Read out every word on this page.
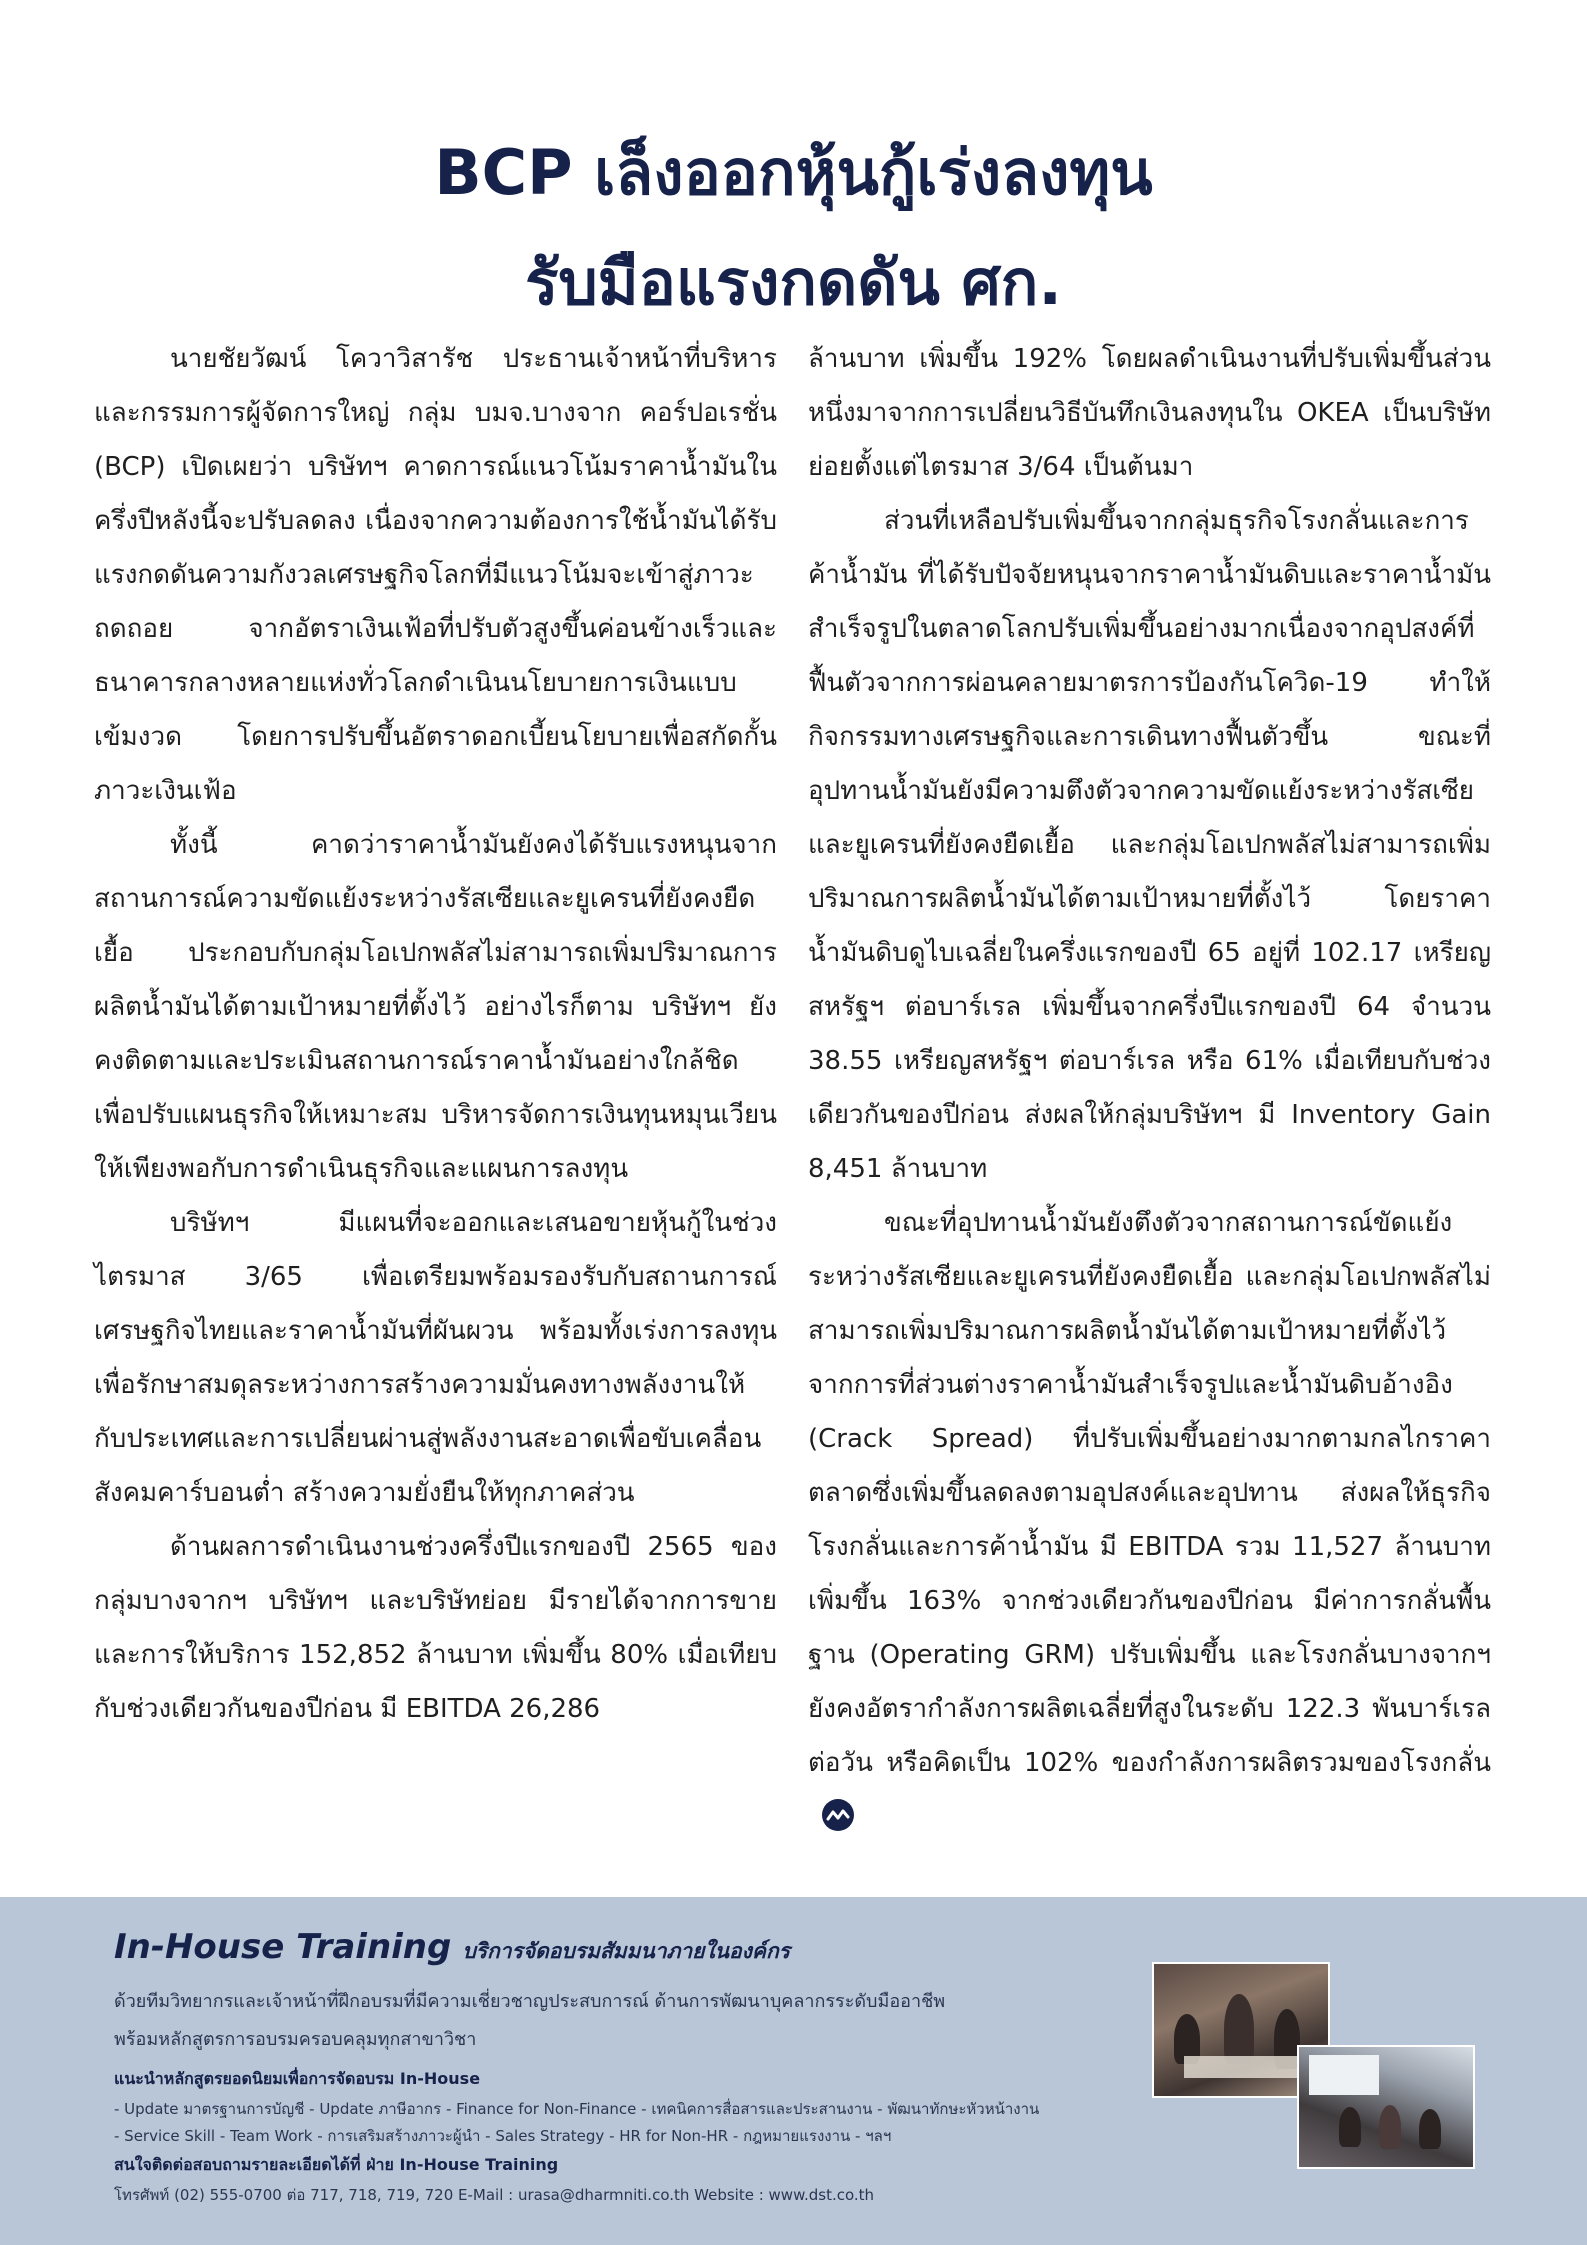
BCP เล็งออกหุ้นกู้เร่งลงทุน
รับมือแรงกดดัน ศก.

นายชัยวัฒน์ โควาวิสารัช ประธานเจ้าหน้าที่บริหารและกรรมการผู้จัดการใหญ่ กลุ่ม บมจ.บางจาก คอร์ปอเรชั่น (BCP) เปิดเผยว่า บริษัทฯ คาดการณ์แนวโน้มราคาน้ำมันในครึ่งปีหลังนี้จะปรับลดลง เนื่องจากความต้องการใช้น้ำมันได้รับแรงกดดันความกังวลเศรษฐกิจโลกที่มีแนวโน้มจะเข้าสู่ภาวะถดถอย จากอัตราเงินเฟ้อที่ปรับตัวสูงขึ้นค่อนข้างเร็วและธนาคารกลางหลายแห่งทั่วโลกดำเนินนโยบายการเงินแบบเข้มงวด โดยการปรับขึ้นอัตราดอกเบี้ยนโยบายเพื่อสกัดกั้นภาวะเงินเฟ้อ

ทั้งนี้ คาดว่าราคาน้ำมันยังคงได้รับแรงหนุนจากสถานการณ์ความขัดแย้งระหว่างรัสเซียและยูเครนที่ยังคงยืดเยื้อ ประกอบกับกลุ่มโอเปกพลัสไม่สามารถเพิ่มปริมาณการผลิตน้ำมันได้ตามเป้าหมายที่ตั้งไว้ อย่างไรก็ตาม บริษัทฯ ยังคงติดตามและประเมินสถานการณ์ราคาน้ำมันอย่างใกล้ชิดเพื่อปรับแผนธุรกิจให้เหมาะสม บริหารจัดการเงินทุนหมุนเวียนให้เพียงพอกับการดำเนินธุรกิจและแผนการลงทุน

บริษัทฯ มีแผนที่จะออกและเสนอขายหุ้นกู้ในช่วงไตรมาส 3/65 เพื่อเตรียมพร้อมรองรับกับสถานการณ์เศรษฐกิจไทยและราคาน้ำมันที่ผันผวน พร้อมทั้งเร่งการลงทุนเพื่อรักษาสมดุลระหว่างการสร้างความมั่นคงทางพลังงานให้กับประเทศและการเปลี่ยนผ่านสู่พลังงานสะอาดเพื่อขับเคลื่อนสังคมคาร์บอนต่ำ สร้างความยั่งยืนให้ทุกภาคส่วน

ด้านผลการดำเนินงานช่วงครึ่งปีแรกของปี 2565 ของกลุ่มบางจากฯ บริษัทฯ และบริษัทย่อย มีรายได้จากการขายและการให้บริการ 152,852 ล้านบาท เพิ่มขึ้น 80% เมื่อเทียบกับช่วงเดียวกันของปีก่อน มี EBITDA 26,286

ล้านบาท เพิ่มขึ้น 192% โดยผลดำเนินงานที่ปรับเพิ่มขึ้นส่วนหนึ่งมาจากการเปลี่ยนวิธีบันทึกเงินลงทุนใน OKEA เป็นบริษัทย่อยตั้งแต่ไตรมาส 3/64 เป็นต้นมา

ส่วนที่เหลือปรับเพิ่มขึ้นจากกลุ่มธุรกิจโรงกลั่นและการค้าน้ำมัน ที่ได้รับปัจจัยหนุนจากราคาน้ำมันดิบและราคาน้ำมันสำเร็จรูปในตลาดโลกปรับเพิ่มขึ้นอย่างมากเนื่องจากอุปสงค์ที่ฟื้นตัวจากการผ่อนคลายมาตรการป้องกันโควิด-19 ทำให้กิจกรรมทางเศรษฐกิจและการเดินทางฟื้นตัวขึ้น ขณะที่อุปทานน้ำมันยังมีความตึงตัวจากความขัดแย้งระหว่างรัสเซียและยูเครนที่ยังคงยืดเยื้อ และกลุ่มโอเปกพลัสไม่สามารถเพิ่มปริมาณการผลิตน้ำมันได้ตามเป้าหมายที่ตั้งไว้ โดยราคาน้ำมันดิบดูไบเฉลี่ยในครึ่งแรกของปี 65 อยู่ที่ 102.17 เหรียญสหรัฐฯ ต่อบาร์เรล เพิ่มขึ้นจากครึ่งปีแรกของปี 64 จำนวน 38.55 เหรียญสหรัฐฯ ต่อบาร์เรล หรือ 61% เมื่อเทียบกับช่วงเดียวกันของปีก่อน ส่งผลให้กลุ่มบริษัทฯ มี Inventory Gain 8,451 ล้านบาท

ขณะที่อุปทานน้ำมันยังตึงตัวจากสถานการณ์ขัดแย้งระหว่างรัสเซียและยูเครนที่ยังคงยืดเยื้อ และกลุ่มโอเปกพลัสไม่สามารถเพิ่มปริมาณการผลิตน้ำมันได้ตามเป้าหมายที่ตั้งไว้ จากการที่ส่วนต่างราคาน้ำมันสำเร็จรูปและน้ำมันดิบอ้างอิง (Crack Spread) ที่ปรับเพิ่มขึ้นอย่างมากตามกลไกราคาตลาดซึ่งเพิ่มขึ้นลดลงตามอุปสงค์และอุปทาน ส่งผลให้ธุรกิจโรงกลั่นและการค้าน้ำมัน มี EBITDA รวม 11,527 ล้านบาท เพิ่มขึ้น 163% จากช่วงเดียวกันของปีก่อน มีค่าการกลั่นพื้นฐาน (Operating GRM) ปรับเพิ่มขึ้น และโรงกลั่นบางจากฯ ยังคงอัตรากำลังการผลิตเฉลี่ยที่สูงในระดับ 122.3 พันบาร์เรลต่อวัน หรือคิดเป็น 102% ของกำลังการผลิตรวมของโรงกลั่น

In-House Training บริการจัดอบรมสัมมนาภายในองค์กร
ด้วยทีมวิทยากรและเจ้าหน้าที่ฝึกอบรมที่มีความเชี่ยวชาญประสบการณ์ ด้านการพัฒนาบุคลากรระดับมืออาชีพ
พร้อมหลักสูตรการอบรมครอบคลุมทุกสาขาวิชา
แนะนำหลักสูตรยอดนิยมเพื่อการจัดอบรม In-House
- Update มาตรฐานการบัญชี - Update ภาษีอากร - Finance for Non-Finance - เทคนิคการสื่อสารและประสานงาน - พัฒนาทักษะหัวหน้างาน
- Service Skill - Team Work - การเสริมสร้างภาวะผู้นำ - Sales Strategy - HR for Non-HR - กฎหมายแรงงาน - ฯลฯ
สนใจติดต่อสอบถามรายละเอียดได้ที่ ฝ่าย In-House Training
โทรศัพท์ (02) 555-0700 ต่อ 717, 718, 719, 720 E-Mail : urasa@dharmniti.co.th Website : www.dst.co.th
